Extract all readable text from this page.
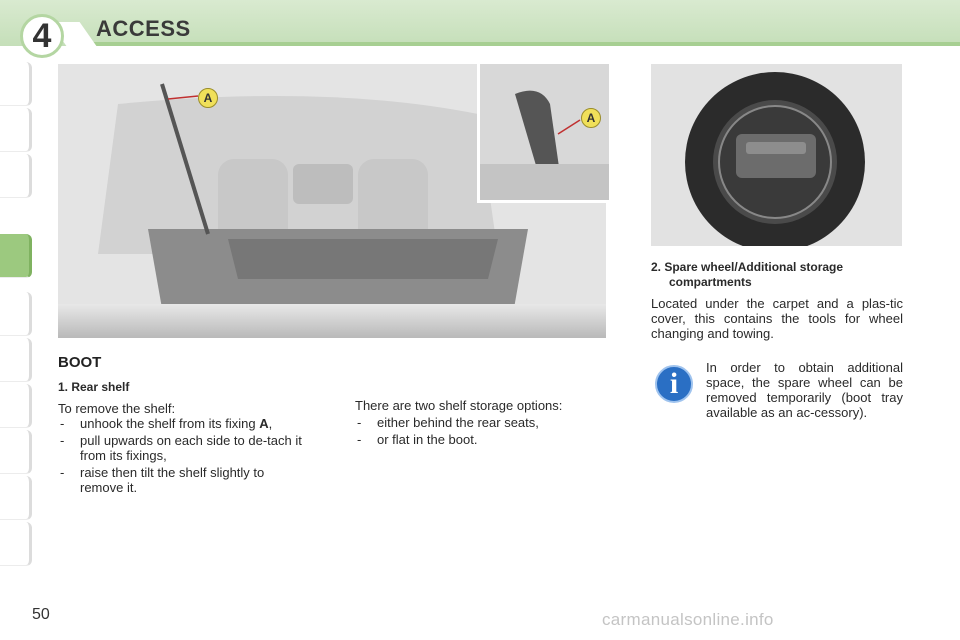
4	ACCESS
A
A
BOOT
1. Rear shelf
To remove the shelf:
- unhook the shelf from its fixing A,
- pull upwards on each side to de-tach it from its fixings,
- raise then tilt the shelf slightly to remove it.
There are two shelf storage options:
- either behind the rear seats,
- or flat in the boot.
2. Spare wheel/Additional storage
compartments
Located under the carpet and a plas-tic cover, this contains the tools for wheel changing and towing.
i	In order to obtain additional space, the spare wheel can be removed temporarily (boot tray available as an ac-cessory).
50	carmanualsonline.info
